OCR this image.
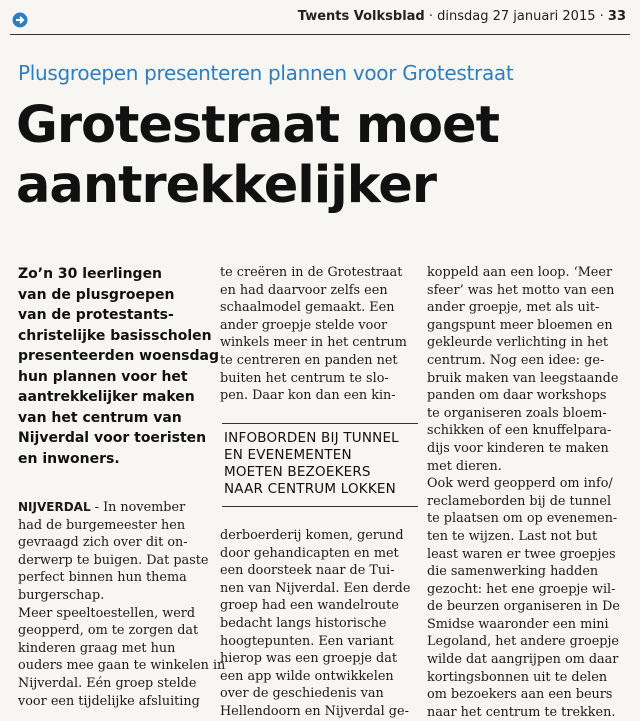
Twents Volksblad · dinsdag 27 januari 2015 · 33
Plusgroepen presenteren plannen voor Grotestraat
Grotestraat moet
aantrekkelijker
Zo’n 30 leerlingen
van de plusgroepen
van de protestants-
christelijke basisscholen
presenteerden woensdag
hun plannen voor het
aantrekkelijker maken
van het centrum van
Nijverdal voor toeristen
en inwoners.
NIJVERDAL - In november
had de burgemeester hen
gevraagd zich over dit on-
derwerp te buigen. Dat paste
perfect binnen hun thema
burgerschap.
Meer speeltoestellen, werd
geopperd, om te zorgen dat
kinderen graag met hun
ouders mee gaan te winkelen in
Nijverdal. Eén groep stelde
voor een tijdelijke afsluiting
te creëren in de Grotestraat
en had daarvoor zelfs een
schaalmodel gemaakt. Een
ander groepje stelde voor
winkels meer in het centrum
te centreren en panden net
buiten het centrum te slo-
pen. Daar kon dan een kin-
INFOBORDEN BIJ TUNNEL
EN EVENEMENTEN
MOETEN BEZOEKERS
NAAR CENTRUM LOKKEN
derboerderij komen, gerund
door gehandicapten en met
een doorsteek naar de Tui-
nen van Nijverdal. Een derde
groep had een wandelroute
bedacht langs historische
hoogtepunten. Een variant
hierop was een groepje dat
een app wilde ontwikkelen
over de geschiedenis van
Hellendoorn en Nijverdal ge-
koppeld aan een loop. ‘Meer
sfeer’ was het motto van een
ander groepje, met als uit-
gangspunt meer bloemen en
gekleurde verlichting in het
centrum. Nog een idee: ge-
bruik maken van leegstaande
panden om daar workshops
te organiseren zoals bloem-
schikken of een knuffelpara-
dijs voor kinderen te maken
met dieren.
Ook werd geopperd om info/
reclameborden bij de tunnel
te plaatsen om op evenemen-
ten te wijzen. Last not but
least waren er twee groepjes
die samenwerking hadden
gezocht: het ene groepje wil-
de beurzen organiseren in De
Smidse waaronder een mini
Legoland, het andere groepje
wilde dat aangrijpen om daar
kortingsbonnen uit te delen
om bezoekers aan een beurs
naar het centrum te trekken.
